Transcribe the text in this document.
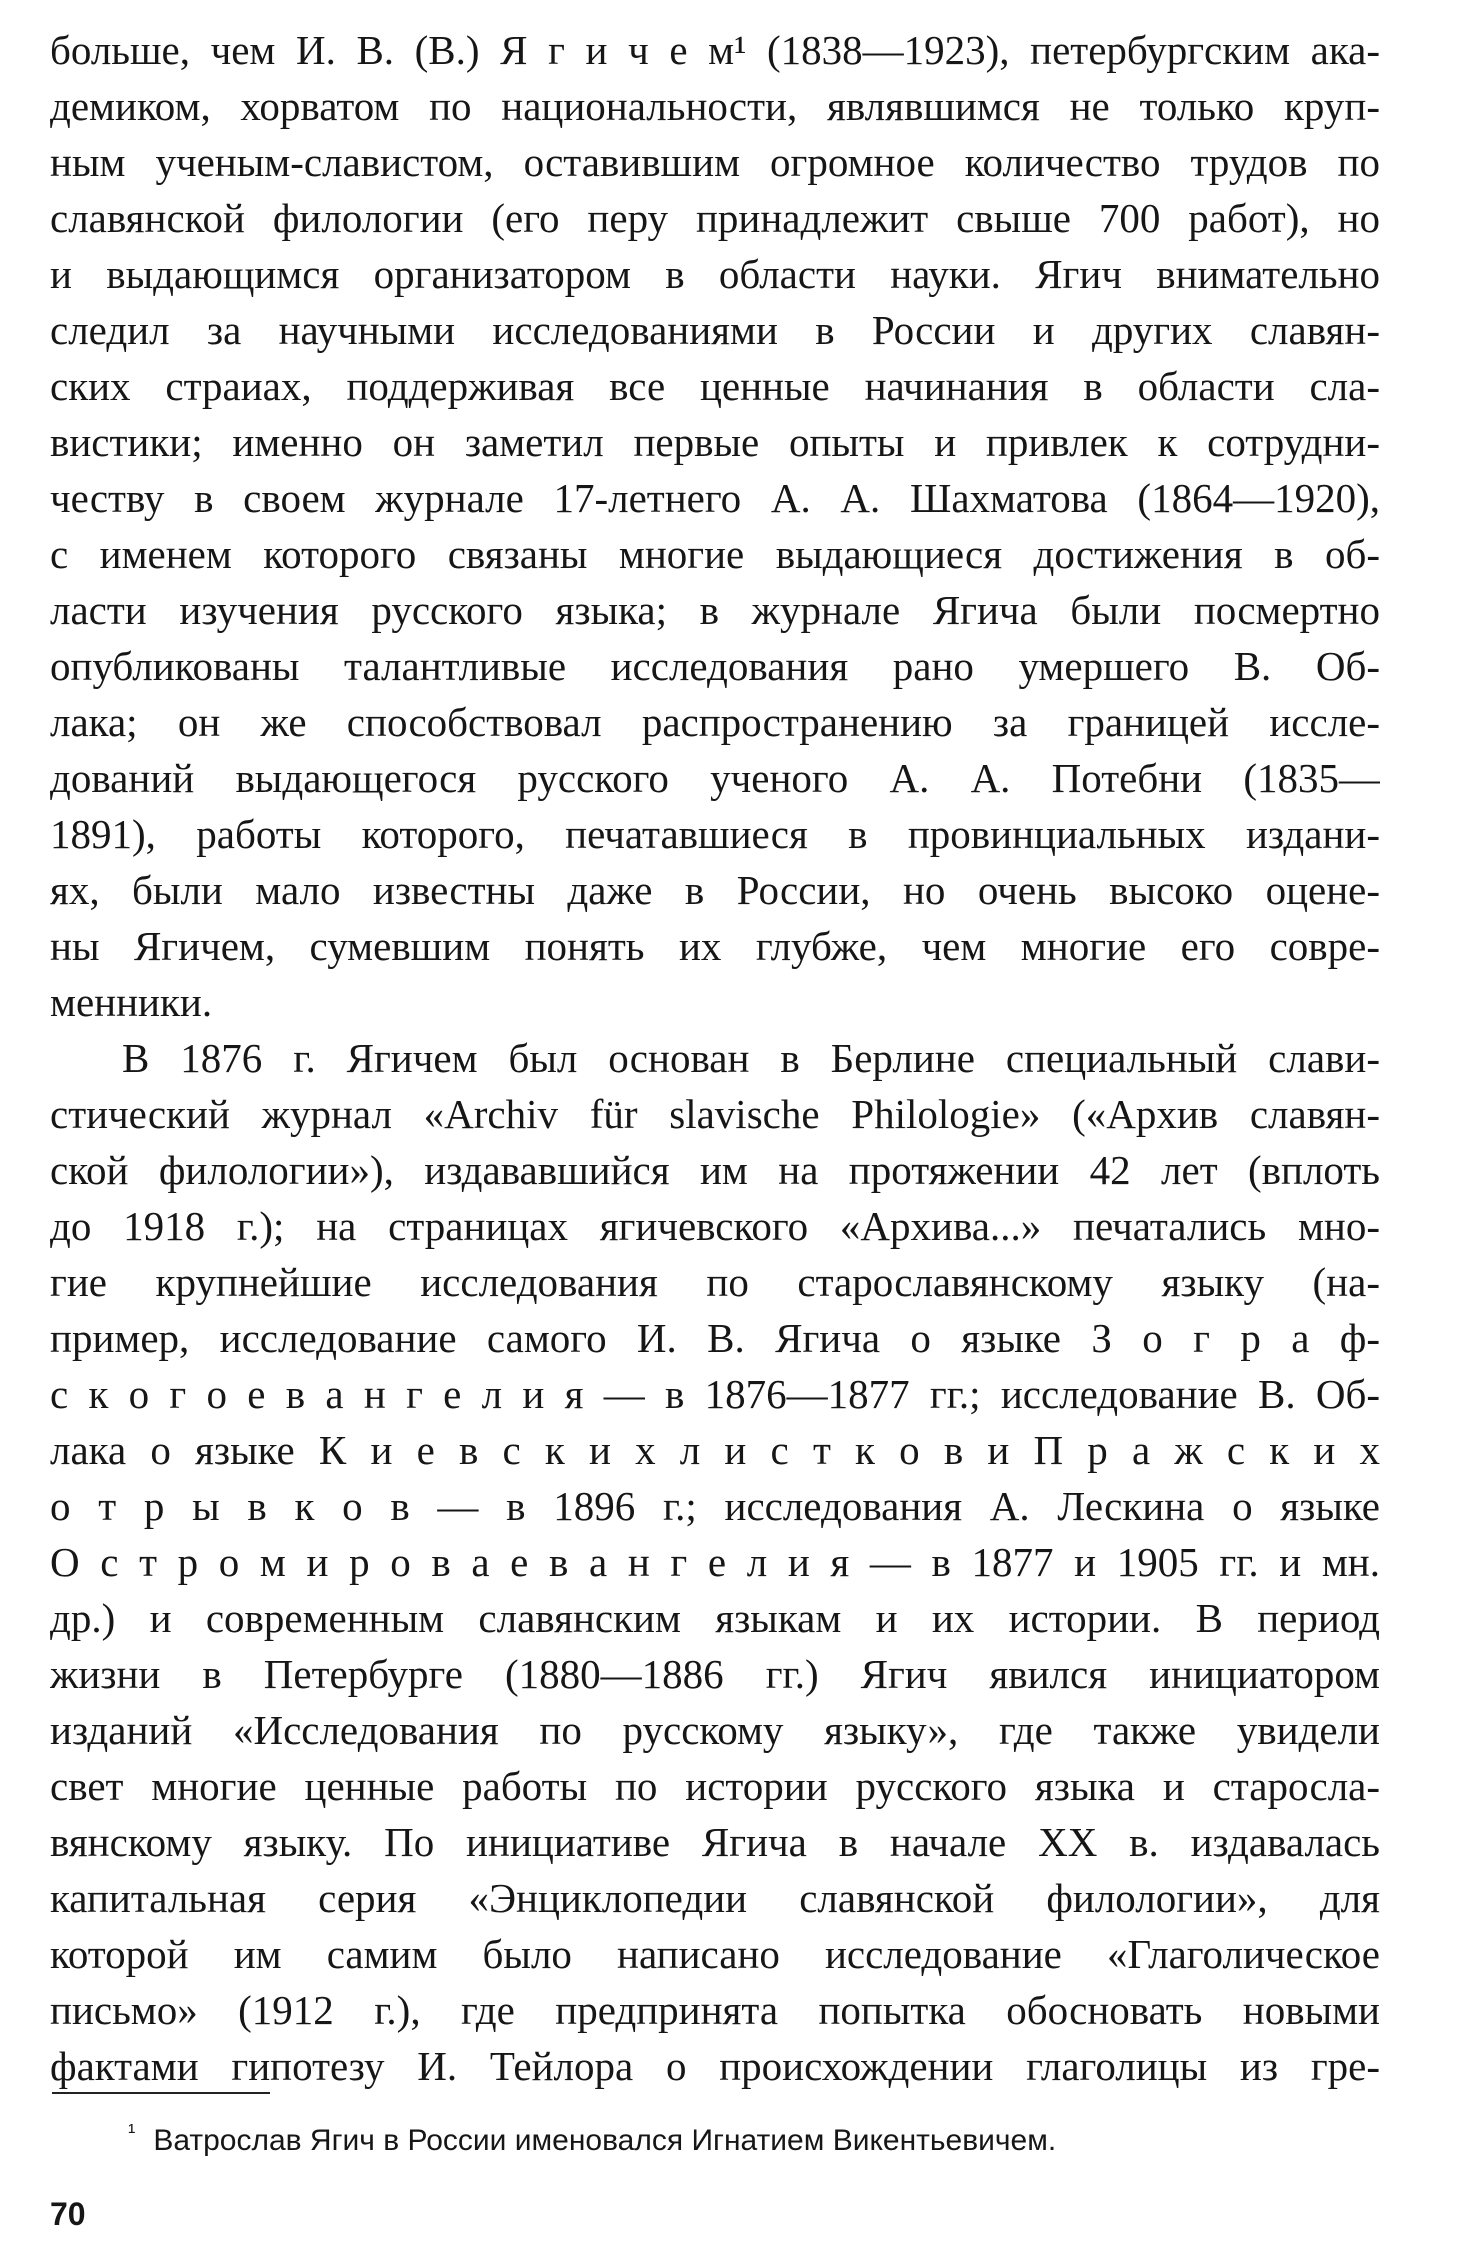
больше, чем И. В. (В.) Я г и ч е м¹ (1838—1923), петербургским ака-
демиком, хорватом по национальности, являвшимся не только круп-
ным ученым-славистом, оставившим огромное количество трудов по
славянской филологии (его перу принадлежит свыше 700 работ), но
и выдающимся организатором в области науки. Ягич внимательно
следил за научными исследованиями в России и других славян-
ских страиах, поддерживая все ценные начинания в области сла-
вистики; именно он заметил первые опыты и привлек к сотрудни-
честву в своем журнале 17-летнего А. А. Шахматова (1864—1920),
с именем которого связаны многие выдающиеся достижения в об-
ласти изучения русского языка; в журнале Ягича были посмертно
опубликованы талантливые исследования рано умершего В. Об-
лака; он же способствовал распространению за границей иссле-
дований выдающегося русского ученого А. А. Потебни (1835—
1891), работы которого, печатавшиеся в провинциальных издани-
ях, были мало известны даже в России, но очень высоко оцене-
ны Ягичем, сумевшим понять их глубже, чем многие его совре-
менники.
В 1876 г. Ягичем был основан в Берлине специальный слави-
стический журнал «Archiv für slavische Philologie» («Архив славян-
ской филологии»), издававшийся им на протяжении 42 лет (вплоть
до 1918 г.); на страницах ягичевского «Архива...» печатались мно-
гие крупнейшие исследования по старославянскому языку (на-
пример, исследование самого И. В. Ягича о языке З о г р а ф-
с к о г о е в а н г е л и я — в 1876—1877 гг.; исследование В. Об-
лака о языке К и е в с к и х л и с т к о в и П р а ж с к и х
о т р ы в к о в — в 1896 г.; исследования А. Лескина о языке
О с т р о м и р о в а е в а н г е л и я — в 1877 и 1905 гг. и мн.
др.) и современным славянским языкам и их истории. В период
жизни в Петербурге (1880—1886 гг.) Ягич явился инициатором
изданий «Исследования по русскому языку», где также увидели
свет многие ценные работы по истории русского языка и старосла-
вянскому языку. По инициативе Ягича в начале XX в. издавалась
капитальная серия «Энциклопедии славянской филологии», для
которой им самим было написано исследование «Глаголическое
письмо» (1912 г.), где предпринята попытка обосновать новыми
фактами гипотезу И. Тейлора о происхождении глаголицы из гре-
$^{^1}$ Ватрослав Ягич в России именовался Игнатием Викентьевичем.
70
